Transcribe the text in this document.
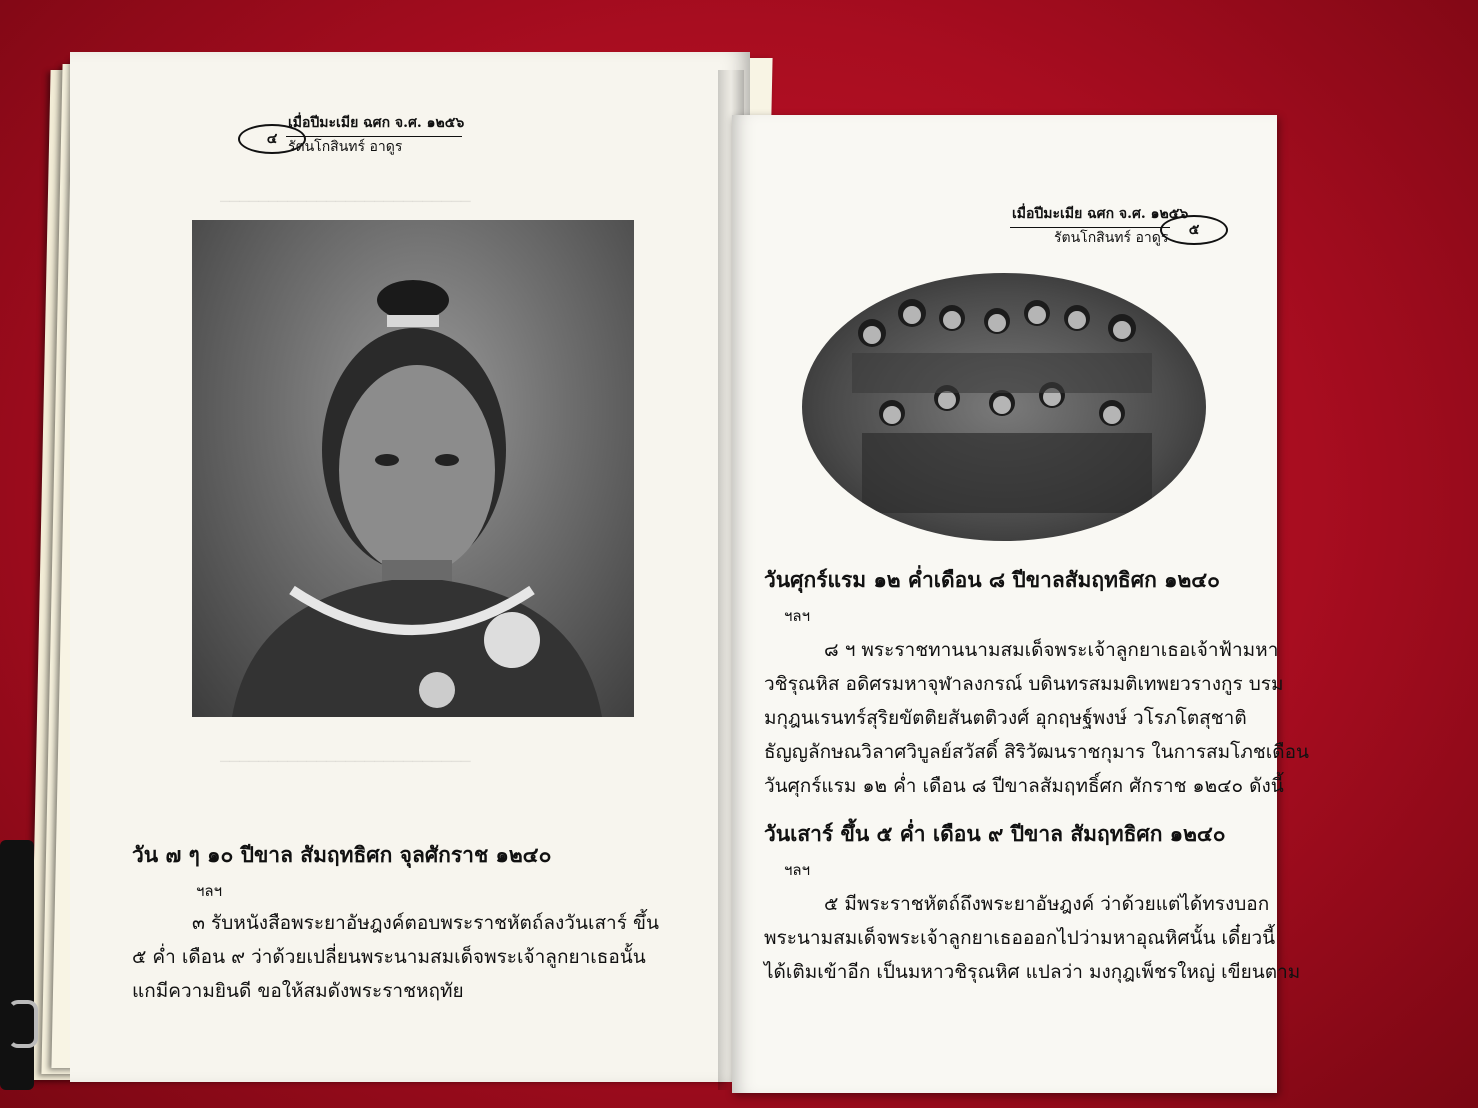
๔
เมื่อปีมะเมีย ฉศก จ.ศ. ๑๒๕๖
รัตนโกสินทร์ อาดูร
──────────────────────────
──────────────────────────
วัน ๗ ๆ ๑๐ ปีขาล สัมฤทธิศก จุลศักราช ๑๒๔๐
ฯลฯ
๓ รับหนังสือพระยาอัษฎงค์ตอบพระราชหัตถ์ลงวันเสาร์ ขึ้น
๕ ค่ำ เดือน ๙ ว่าด้วยเปลี่ยนพระนามสมเด็จพระเจ้าลูกยาเธอนั้น
แกมีความยินดี ขอให้สมดังพระราชหฤทัย
เมื่อปีมะเมีย ฉศก จ.ศ. ๑๒๕๖
รัตนโกสินทร์ อาดูร	๕
วันศุกร์แรม ๑๒ ค่ำเดือน ๘ ปีขาลสัมฤทธิศก ๑๒๔๐
ฯลฯ
๘ ฯ พระราชทานนามสมเด็จพระเจ้าลูกยาเธอเจ้าฟ้ามหา
วชิรุณหิส อดิศรมหาจุฬาลงกรณ์ บดินทรสมมติเทพยวรางกูร บรม
มกุฎนเรนทร์สุริยขัตติยสันตติวงศ์ อุกฤษฐ์พงษ์ วโรภโตสุชาติ
ธัญญลักษณวิลาศวิบูลย์สวัสดิ์ สิริวัฒนราชกุมาร ในการสมโภชเดือน
วันศุกร์แรม ๑๒ ค่ำ เดือน ๘ ปีขาลสัมฤทธิ์ศก ศักราช ๑๒๔๐ ดังนี้
วันเสาร์ ขึ้น ๕ ค่ำ เดือน ๙ ปีขาล สัมฤทธิศก ๑๒๔๐
ฯลฯ
๕ มีพระราชหัตถ์ถึงพระยาอัษฎงค์ ว่าด้วยแต่ได้ทรงบอก
พระนามสมเด็จพระเจ้าลูกยาเธอออกไปว่ามหาอุณหิศนั้น เดี๋ยวนี้
ได้เติมเข้าอีก เป็นมหาวชิรุณหิศ แปลว่า มงกุฎเพ็ชรใหญ่ เขียนตาม
